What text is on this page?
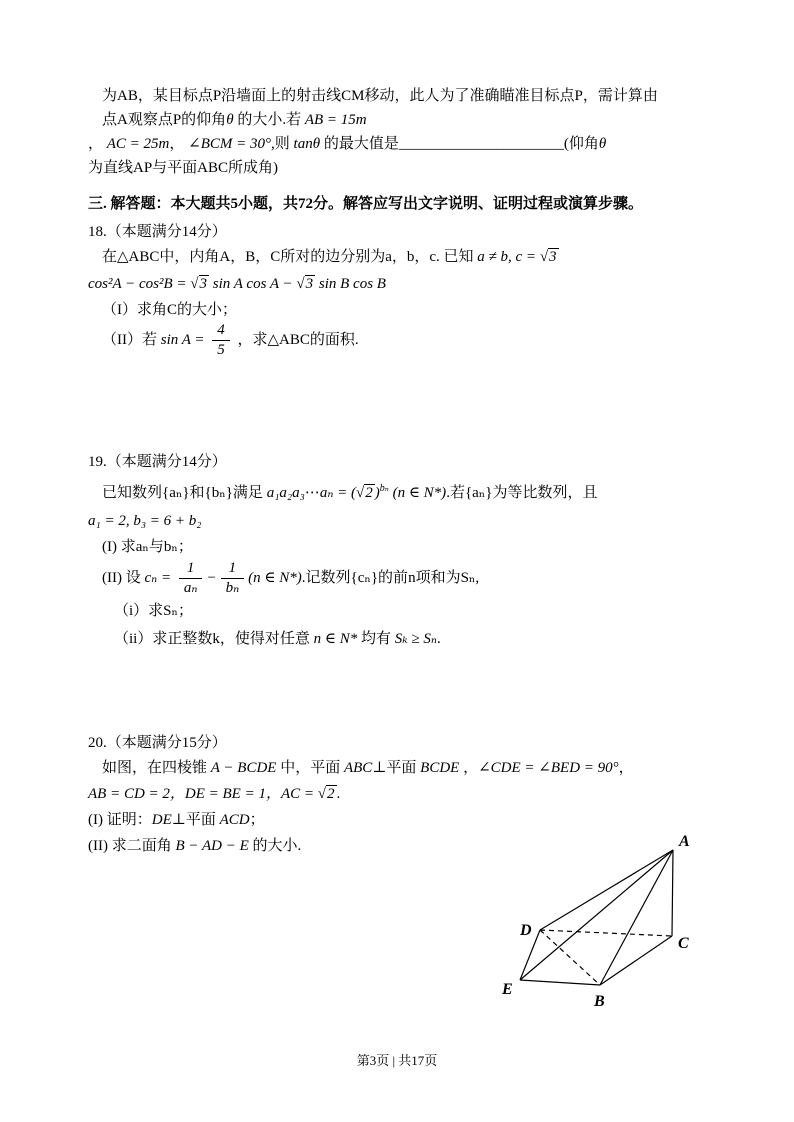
为AB，某目标点P沿墙面上的射击线CM移动，此人为了准确瞄准目标点P，需计算由
点A观察点P的仰角θ 的大小.若 AB = 15m
， AC = 25m， ∠BCM = 30°,则 tanθ 的最大值是______________________(仰角θ
为直线AP与平面ABC所成角)
三. 解答题：本大题共5小题，共72分。解答应写出文字说明、证明过程或演算步骤。
18.（本题满分14分）
在△ABC中，内角A，B，C所对的边分别为a，b，c. 已知 a ≠ b, c = √3
cos²A − cos²B = √3 sin A cos A − √3 sin B cos B
（I）求角C的大小；
（II）若 $\sin A = \frac{4}{5}$ ，求△ABC的面积.
19.（本题满分14分）
已知数列{aₙ}和{bₙ}满足 a₁a₂a₃⋯aₙ = (√2 )$^{b_n}$ (n ∈ N*).若{aₙ}为等比数列，且
a₁ = 2, b₃ = 6 + b₂
(I) 求aₙ与bₙ；
(II) 设 $c_n = \frac{1}{\text{aₙ}} - \frac{1}{\text{bₙ}} (n$ ∈ N*).记数列{cₙ}的前n项和为Sₙ,
（i）求Sₙ；
（ii）求正整数k，使得对任意 n ∈ N* 均有 Sₖ ≥ Sₙ.
20.（本题满分15分）
如图，在四棱锥 A − BCDE 中，平面 ABC⊥平面 BCDE ，∠CDE = ∠BED = 90°，
AB = CD = 2，DE = BE = 1，AC = √2 .
(I) 证明：DE⊥平面 ACD；
(II) 求二面角 B − AD − E 的大小.	A
D
C
E
B
第3页 | 共17页
